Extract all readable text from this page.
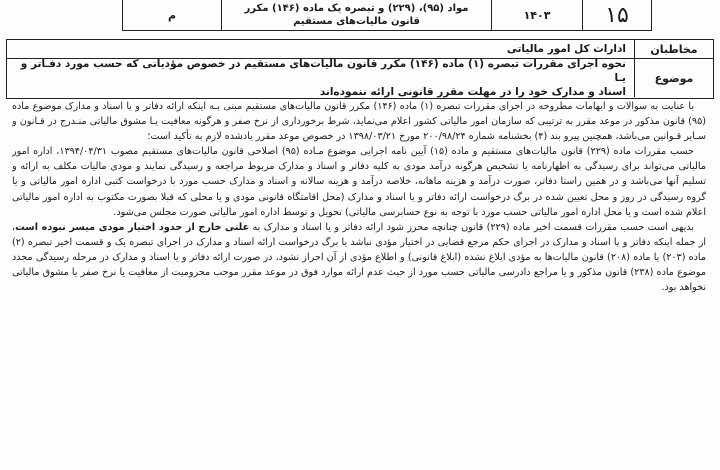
۱۵
۱۴۰۳
مواد (۹۵)، (۲۲۹) و تبصره یک ماده (۱۴۶) مکرر
قانون مالیات‌های مستقیم
م
مخاطبان
ادارات کل امور مالیاتی
موضوع
نحوه اجرای مقررات تبصره (۱) ماده (۱۴۶) مکرر قانون مالیات‌های مستقیم در خصوص مؤدیانی که حسب مورد دفـاتر و یـا
اسناد و مدارک خود را در مهلت مقرر قانونی ارائه ننموده‌اند

با عنایت به سوالات و ابهامات مطروحه در اجرای مقررات تبصره (۱) ماده (۱۴۶) مکرر قانون مالیات‌های مستقیم مبنی بـه اینکه ارائه دفاتر و یا اسناد و مدارک موضوع ماده (۹۵) قانون مذکور در موعد مقرر به ترتیبی که سازمان امور مالیاتی کشور اعلام می‌نماید، شرط برخورداری از نرخ صفر و هرگونه معافیت یـا مشوق مالیاتی منـدرج در قـانون و سـایر قـوانین می‌باشد، همچنین پیرو بند (۴) بخشنامه شماره ۲۰۰/۹۸/۲۴ مورخ ۱۳۹۸/۰۳/۲۱ در خصوص موعد مقرر یادشده لازم به تأکید است؛

حسب مقررات ماده (۲۲۹) قانون مالیات‌های مستقیم و ماده (۱۵) آیین نامه اجرایی موضوع مـاده (۹۵) اصلاحی قانون مالیات‌های مستقیم مصوب ۱۳۹۴/۰۴/۳۱، اداره امور مالیاتی می‌تواند برای رسیدگی به اظهارنامه یا تشخیص هرگونه درآمد مودی به کلیه دفاتر و اسناد و مدارک مربوط مراجعه و رسیدگی نمایند و مودی مالیات مکلف به ارائه و تسلیم آنها می‌باشد و در همین راستا دفاتر، صورت درآمد و هزینه ماهانه، خلاصه درآمد و هزینه سالانه و اسناد و مدارک حسب مورد با درخواست کتبی اداره امور مالیاتی و یا گروه رسیدگی در روز و محل تعیین شده در برگ درخواست ارائه دفاتر و یا اسناد و مدارک (محل اقامتگاه قانونی مودی و یا محلی که قبلا بصورت مکتوب به اداره امور مالیاتی اعلام شده است و یا محل اداره امور مالیاتی حسب مورد با توجه به نوع حسابرسی مالیاتی) تحویل و توسط اداره امور مالیاتی صورت مجلس می‌شود.

بدیهی است حسب مقررات قسمت اخیر ماده (۲۲۹) قانون چنانچه محرز شود ارائه دفاتر و یا اسناد و مدارک به علتی خارج از حدود اختیار مودی میسر نبوده است، از جمله اینکه دفاتر و یا اسناد و مدارک در اجرای حکم مرجع قضایی در اختیار مؤدی نباشد یا برگ درخواست ارائه اسناد و مدارک در اجرای تبصره یک و قسمت اخیر تبصره (۲) ماده (۲۰۳) یا ماده (۲۰۸) قانون مالیات‌ها به مؤدی ابلاغ نشده (ابلاغ قانونی) و اطلاع مؤدی از آن احراز نشود، در صورت ارائه دفاتر و یا اسناد و مدارک در مرحله رسیدگی مجدد موضوع ماده (۲۳۸) قانون مذکور و یا مراجع دادرسی مالیاتی حسب مورد از حیث عدم ارائه موارد فوق در موعد مقرر موجب محرومیت از معافیت یا نرخ صفر یا مشوق مالیاتی نخواهد بود.
